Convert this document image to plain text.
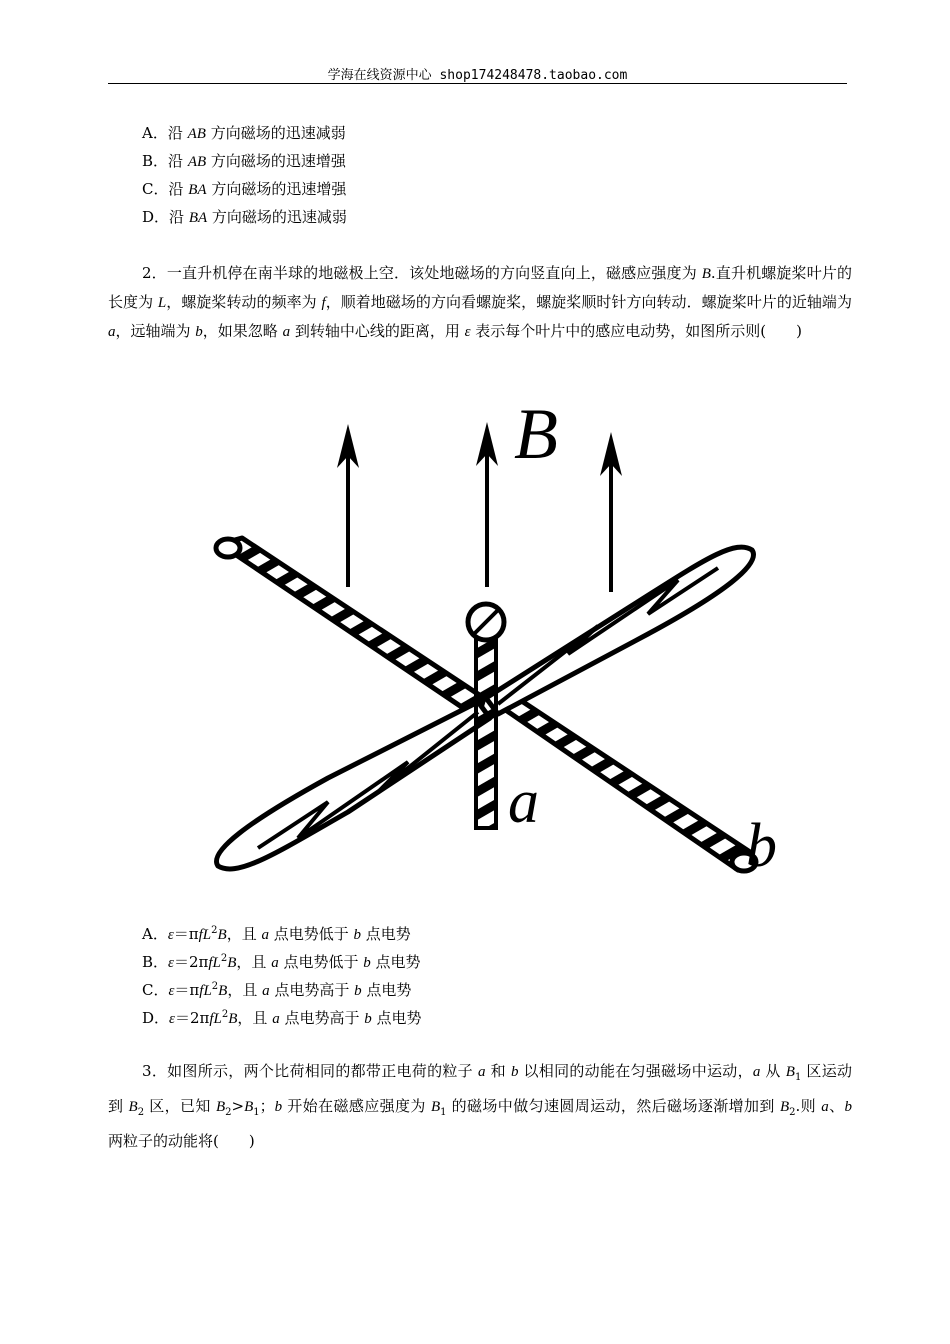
学海在线资源中心 shop174248478.taobao.com
A．沿 AB 方向磁场的迅速减弱
B．沿 AB 方向磁场的迅速增强
C．沿 BA 方向磁场的迅速增强
D．沿 BA 方向磁场的迅速减弱
2．一直升机停在南半球的地磁极上空．该处地磁场的方向竖直向上，磁感应强度为 B.直升机螺旋桨叶片的长度为 L，螺旋桨转动的频率为 f，顺着地磁场的方向看螺旋桨，螺旋桨顺时针方向转动．螺旋桨叶片的近轴端为 a，远轴端为 b，如果忽略 a 到转轴中心线的距离，用 ε 表示每个叶片中的感应电动势，如图所示则(　　)
B
a
b
A．ε＝πfL$^2$B，且 a 点电势低于 b 点电势
B．ε＝2πfL$^2$B，且 a 点电势低于 b 点电势
C．ε＝πfL$^2$B，且 a 点电势高于 b 点电势
D．ε＝2πfL$^2$B，且 a 点电势高于 b 点电势
3．如图所示，两个比荷相同的都带正电荷的粒子 a 和 b 以相同的动能在匀强磁场中运动，a 从 $B_1$ 区运动到 $B_2$ 区，已知 $B_2>B_1$；b 开始在磁感应强度为 $B_1$ 的磁场中做匀速圆周运动，然后磁场逐渐增加到 $B_2$.则 a、b 两粒子的动能将(　　)
